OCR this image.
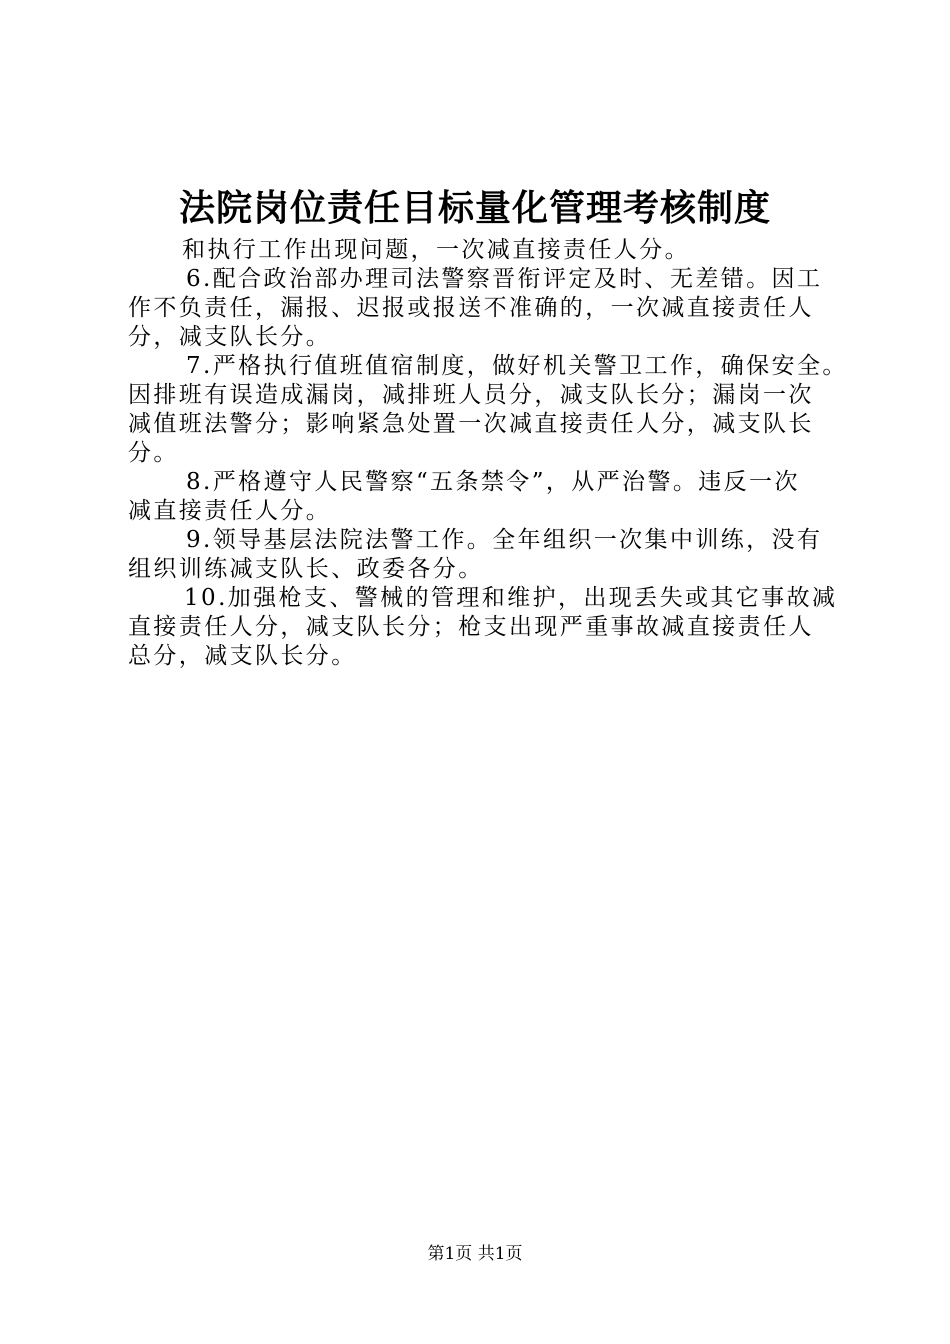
法院岗位责任目标量化管理考核制度
和执行工作出现问题，一次减直接责任人分。
6.配合政治部办理司法警察晋衔评定及时、无差错。因工
作不负责任，漏报、迟报或报送不准确的，一次减直接责任人
分，减支队长分。
7.严格执行值班值宿制度，做好机关警卫工作，确保安全。
因排班有误造成漏岗，减排班人员分，减支队长分；漏岗一次
减值班法警分；影响紧急处置一次减直接责任人分，减支队长
分。
8.严格遵守人民警察“五条禁令”，从严治警。违反一次
减直接责任人分。
9.领导基层法院法警工作。全年组织一次集中训练，没有
组织训练减支队长、政委各分。
10.加强枪支、警械的管理和维护，出现丢失或其它事故减
直接责任人分，减支队长分；枪支出现严重事故减直接责任人
总分，减支队长分。
第1页 共1页
